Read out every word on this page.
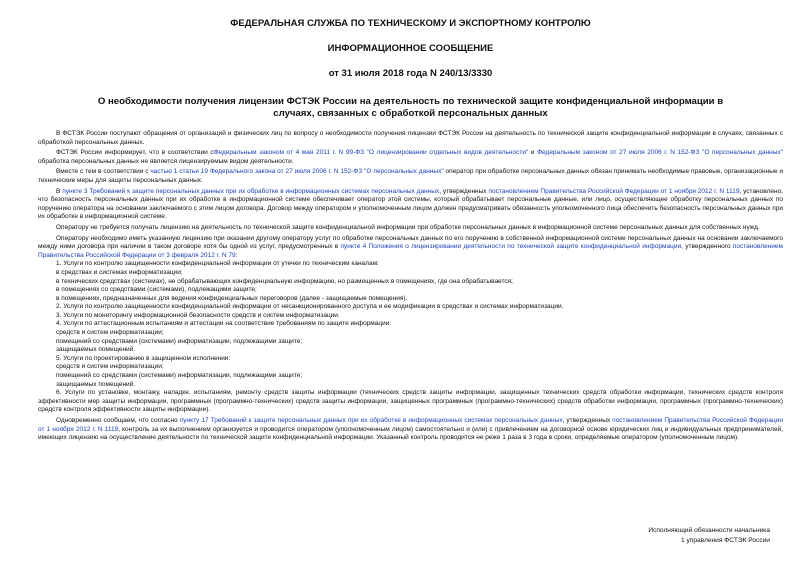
ФЕДЕРАЛЬНАЯ СЛУЖБА ПО ТЕХНИЧЕСКОМУ И ЭКСПОРТНОМУ КОНТРОЛЮ
ИНФОРМАЦИОННОЕ СООБЩЕНИЕ
от 31 июля 2018 года N 240/13/3330
О необходимости получения лицензии ФСТЭК России на деятельность по технической защите конфиденциальной информации в случаях, связанных с обработкой персональных данных

В ФСТЭК России поступают обращения от организаций и физических лиц по вопросу о необходимости получения лицензии ФСТЭК России на деятельность по технической защите конфиденциальной информации в случаях, связанных с обработкой персональных данных.

ФСТЭК России информирует, что в соответствии сФедеральным законом от 4 мая 2011 г. N 99-ФЗ "О лицензировании отдельных видов деятельности" и Федеральным законом от 27 июля 2006 г. N 152-ФЗ "О персональных данных" обработка персональных данных не является лицензируемым видом деятельности.

Вместе с тем в соответствии с частью 1 статьи 19 Федерального закона от 27 июля 2006 г. N 152-ФЗ "О персональных данных" оператор при обработке персональных данных обязан принимать необходимые правовые, организационные и технические меры для защиты персональных данных.

В пункте 3 Требований к защите персональных данных при их обработке в информационных системах персональных данных, утвержденных постановлением Правительства Российской Федерации от 1 ноября 2012 г. N 1119, установлено, что безопасность персональных данных при их обработке в информационной системе обеспечивает оператор этой системы, который обрабатывает персональные данные, или лицо, осуществляющее обработку персональных данных по поручению оператора на основании заключаемого с этим лицом договора. Договор между оператором и уполномоченным лицом должен предусматривать обязанность уполномоченного лица обеспечить безопасность персональных данных при их обработке в информационной системе.

Оператору не требуется получать лицензию на деятельность по технической защите конфиденциальной информации при обработке персональных данных в информационной системе персональных данных для собственных нужд.

Оператору необходимо иметь указанную лицензию при оказании другому оператору услуг по обработке персональных данных по его поручению в собственной информационной системе персональных данных на основании заключаемого между ними договора при наличии в таком договоре хотя бы одной из услуг, предусмотренных в пункте 4 Положения о лицензировании деятельности по технической защите конфиденциальной информации, утвержденного постановлением Правительства Российской Федерации от 3 февраля 2012 г. N 79:

1. Услуги по контролю защищенности конфиденциальной информации от утечки по техническим каналам:
в средствах и системах информатизации;
в технических средствах (системах), не обрабатывающих конфиденциальную информацию, но размещенных в помещениях, где она обрабатывается;
в помещениях со средствами (системами), подлежащими защите;
в помещениях, предназначенных для ведения конфиденциальных переговоров (далее - защищаемые помещения).
2. Услуги по контролю защищенности конфиденциальной информации от несанкционированного доступа и ее модификации в средствах и системах информатизации.
3. Услуги по мониторингу информационной безопасности средств и систем информатизации.
4. Услуги по аттестационным испытаниям и аттестации на соответствие требованиям по защите информации:
средств и систем информатизации;
помещений со средствами (системами) информатизации, подлежащими защите;
защищаемых помещений.
5. Услуги по проектированию в защищенном исполнении:
средств и систем информатизации;
помещений со средствами (системами) информатизации, подлежащими защите;
защищаемых помещений.

6. Услуги по установке, монтажу, наладке, испытаниям, ремонту средств защиты информации (технических средств защиты информации, защищенных технических средств обработки информации, технических средств контроля эффективности мер защиты информации, программных (программно-технических) средств защиты информации, защищенных программных (программно-технических) средств обработки информации, программных (программно-технических) средств контроля эффективности защиты информации).

Одновременно сообщаем, что согласно пункту 17 Требований к защите персональных данных при их обработке в информационных системах персональных данных, утвержденных постановлением Правительства Российской Федерации от 1 ноября 2012 г. N 1119, контроль за их выполнением организуется и проводится оператором (уполномоченным лицом) самостоятельно и (или) с привлечением на договорной основе юридических лиц и индивидуальных предпринимателей, имеющих лицензию на осуществление деятельности по технической защите конфиденциальной информации. Указанный контроль проводится не реже 1 раза в 3 года в сроки, определяемые оператором (уполномоченным лицом).

Исполняющий обязанности начальника
1 управления ФСТЭК России
